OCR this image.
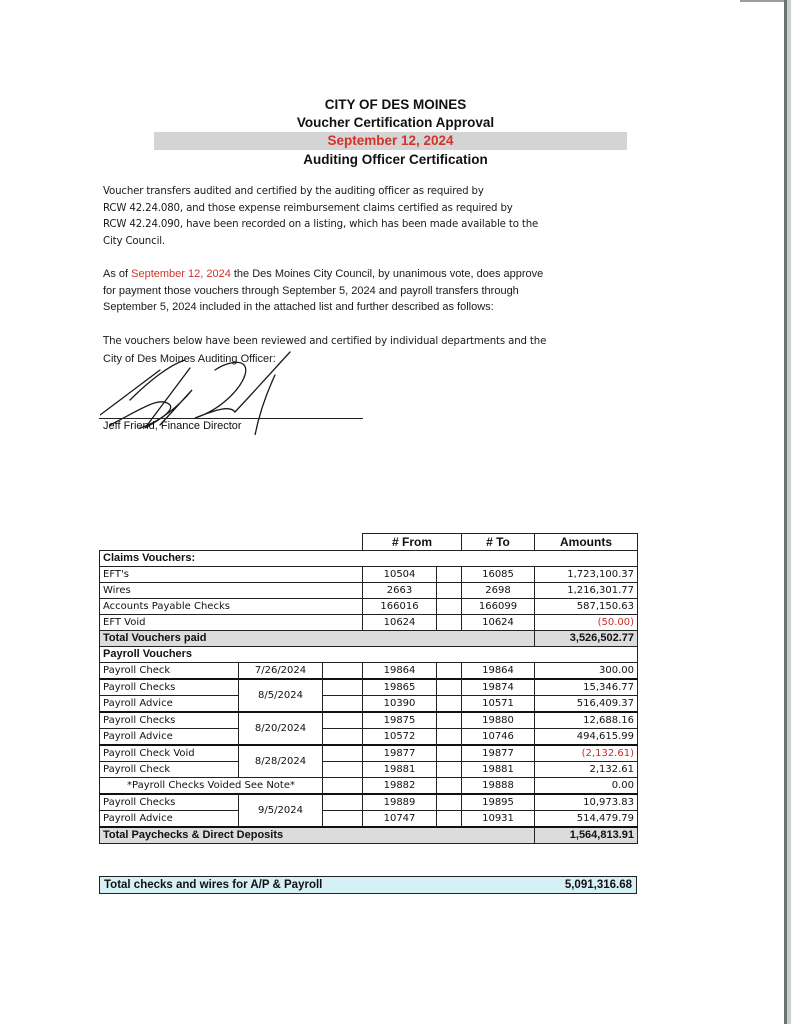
CITY OF DES MOINES
Voucher Certification Approval
September 12, 2024
Auditing Officer Certification
Voucher transfers audited and certified by the auditing officer as required by
RCW 42.24.080, and those expense reimbursement claims certified as required by
RCW 42.24.090, have been recorded on a listing, which has been made available to the
City Council.
As of September 12, 2024 the Des Moines City Council, by unanimous vote, does approve
for payment those vouchers through September 5, 2024 and payroll transfers through
September 5, 2024 included in the attached list and further described as follows:
The vouchers below have been reviewed and certified by individual departments and the
City of Des Moines Auditing Officer:
Jeff Friend, Finance Director
			# From		# To	Amounts
Claims Vouchers:						
EFT's			10504		16085	1,723,100.37
Wires			2663		2698	1,216,301.77
Accounts Payable Checks			166016		166099	587,150.63
EFT Void			10624		10624	(50.00)
Total Vouchers paid						3,526,502.77
Payroll Vouchers						
Payroll Check	7/26/2024		19864		19864	300.00
Payroll Checks	8/5/2024		19865		19874	15,346.77
Payroll Advice			10390		10571	516,409.37
Payroll Checks	8/20/2024		19875		19880	12,688.16
Payroll Advice			10572		10746	494,615.99
Payroll Check Void	8/28/2024		19877		19877	(2,132.61)
Payroll Check			19881		19881	2,132.61
*Payroll Checks Voided See Note*			19882		19888	0.00
Payroll Checks	9/5/2024		19889		19895	10,973.83
Payroll Advice			10747		10931	514,479.79
Total Paychecks & Direct Deposits						1,564,813.91
Total checks and wires for A/P & Payroll	5,091,316.68
